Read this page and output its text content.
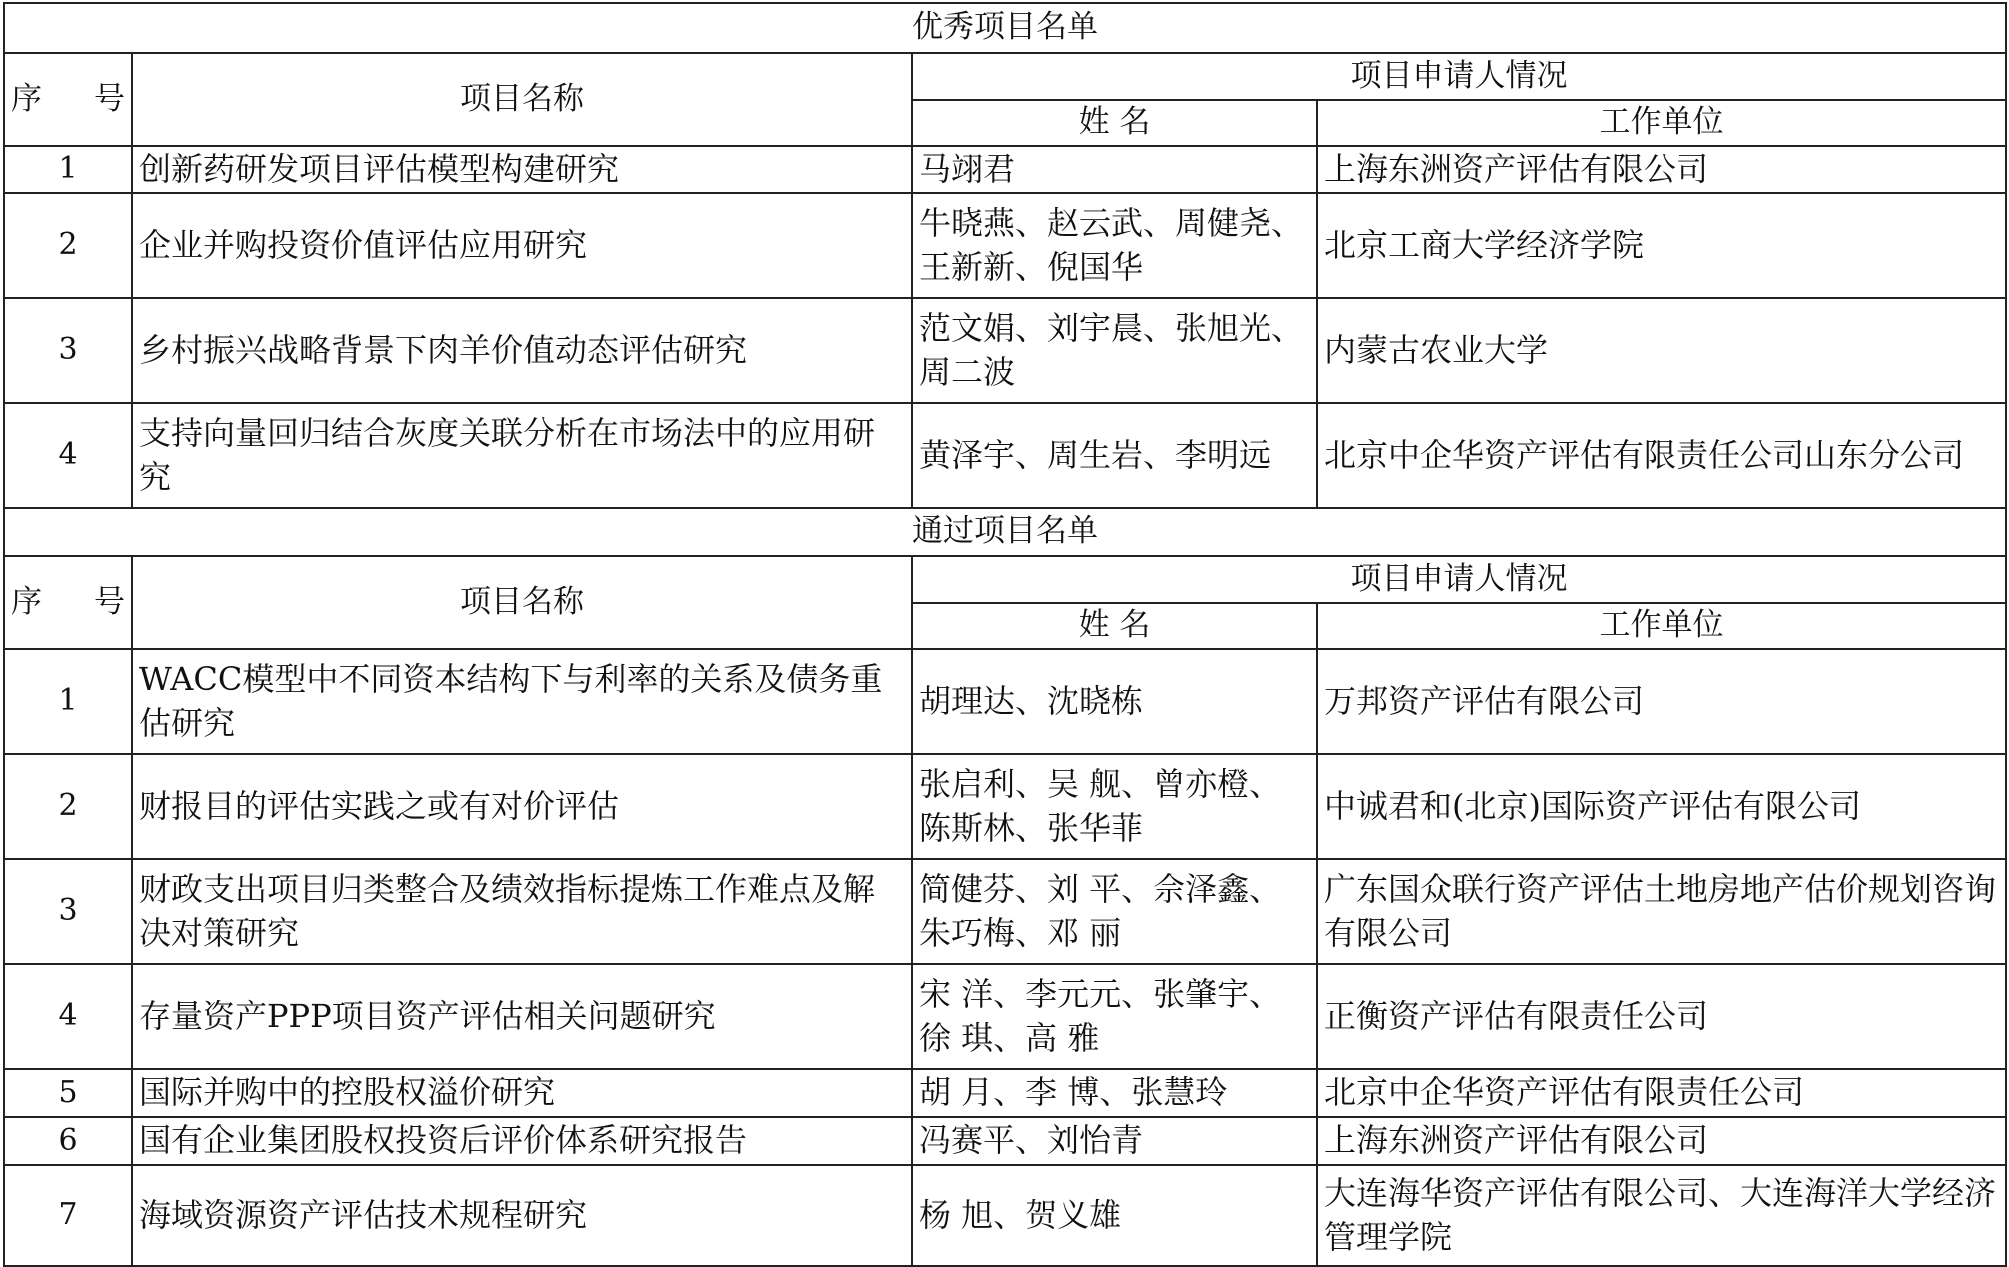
优秀项目名单			
序 号	项目名称	项目申请人情况	
		姓 名	工作单位
1	创新药研发项目评估模型构建研究	马翊君	上海东洲资产评估有限公司
2	企业并购投资价值评估应用研究	牛晓燕、赵云武、周健尧、王新新、倪国华	北京工商大学经济学院
3	乡村振兴战略背景下肉羊价值动态评估研究	范文娟、刘宇晨、张旭光、周二波	内蒙古农业大学
4	支持向量回归结合灰度关联分析在市场法中的应用研究	黄泽宇、周生岩、李明远	北京中企华资产评估有限责任公司山东分公司
通过项目名单			
序 号	项目名称	项目申请人情况	
		姓 名	工作单位
1	WACC模型中不同资本结构下与利率的关系及债务重估研究	胡理达、沈晓栋	万邦资产评估有限公司
2	财报目的评估实践之或有对价评估	张启利、吴 舰、曾亦橙、陈斯林、张华菲	中诚君和(北京)国际资产评估有限公司
3	财政支出项目归类整合及绩效指标提炼工作难点及解决对策研究	简健芬、刘 平、佘泽鑫、朱巧梅、邓 丽	广东国众联行资产评估土地房地产估价规划咨询有限公司
4	存量资产PPP项目资产评估相关问题研究	宋 洋、李元元、张肇宇、徐 琪、高 雅	正衡资产评估有限责任公司
5	国际并购中的控股权溢价研究	胡 月、李 博、张慧玲	北京中企华资产评估有限责任公司
6	国有企业集团股权投资后评价体系研究报告	冯赛平、刘怡青	上海东洲资产评估有限公司
7	海域资源资产评估技术规程研究	杨 旭、贺义雄	大连海华资产评估有限公司、大连海洋大学经济管理学院
